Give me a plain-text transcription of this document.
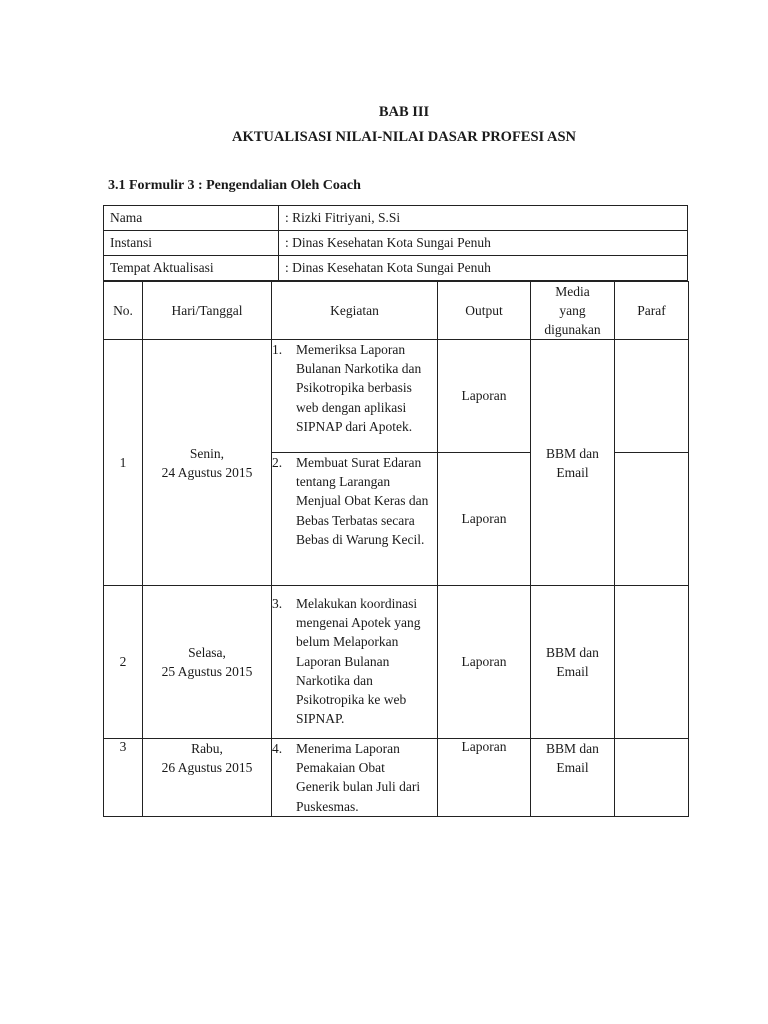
BAB III
AKTUALISASI NILAI-NILAI DASAR PROFESI ASN
3.1 Formulir 3 : Pengendalian Oleh Coach
Nama	: Rizki Fitriyani, S.Si
Instansi	: Dinas Kesehatan Kota Sungai Penuh
Tempat Aktualisasi	: Dinas Kesehatan Kota Sungai Penuh
No.	Hari/Tanggal	Kegiatan	Output	Media
yang
digunakan	Paraf
1	Senin,
24 Agustus 2015	1. Memeriksa Laporan Bulanan Narkotika dan Psikotropika berbasis web dengan aplikasi SIPNAP dari Apotek.	Laporan	BBM dan
Email	

		2. Membuat Surat Edaran tentang Larangan Menjual Obat Keras dan Bebas Terbatas secara Bebas di Warung Kecil.	Laporan		
2	Selasa,
25 Agustus 2015	3. Melakukan koordinasi mengenai Apotek yang belum Melaporkan Laporan Bulanan Narkotika dan Psikotropika ke web SIPNAP.	Laporan	BBM dan
Email	
3	Rabu,
26 Agustus 2015	4. Menerima Laporan Pemakaian Obat Generik bulan Juli dari Puskesmas.	Laporan	BBM dan
Email	
